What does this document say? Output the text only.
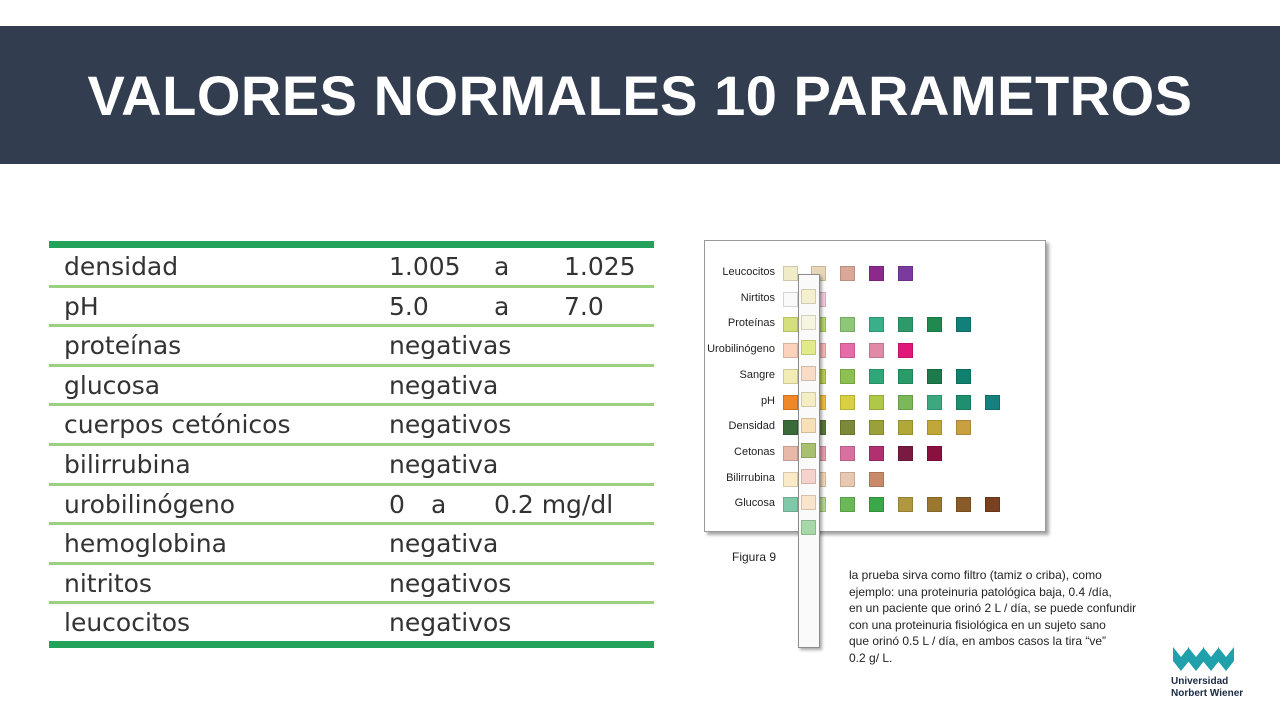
VALORES NORMALES 10 PARAMETROS
densidad	1.005 a 1.025
pH	5.0	a 7.0
proteínas	negativas
glucosa	negativa
cuerpos cetónicos	negativos
bilirrubina	negativa
urobilinógeno	0 a 0.2 mg/dl
hemoglobina	negativa
nitritos	negativos
leucocitos	negativos
Leucocitos
Nirtitos
Proteínas
Urobilinógeno
Sangre
pH
Densidad
Cetonas
Bilirrubina
Glucosa
Figura 9
la prueba sirva como filtro (tamiz o criba), como
ejemplo: una proteinuria patológica baja, 0.4 /día,
en un paciente que orinó 2 L / día, se puede confundir
con una proteinuria fisiológica en un sujeto sano
que orinó 0.5 L / día, en ambos casos la tira “ve”
0.2 g/ L.
Universidad
Norbert Wiener
